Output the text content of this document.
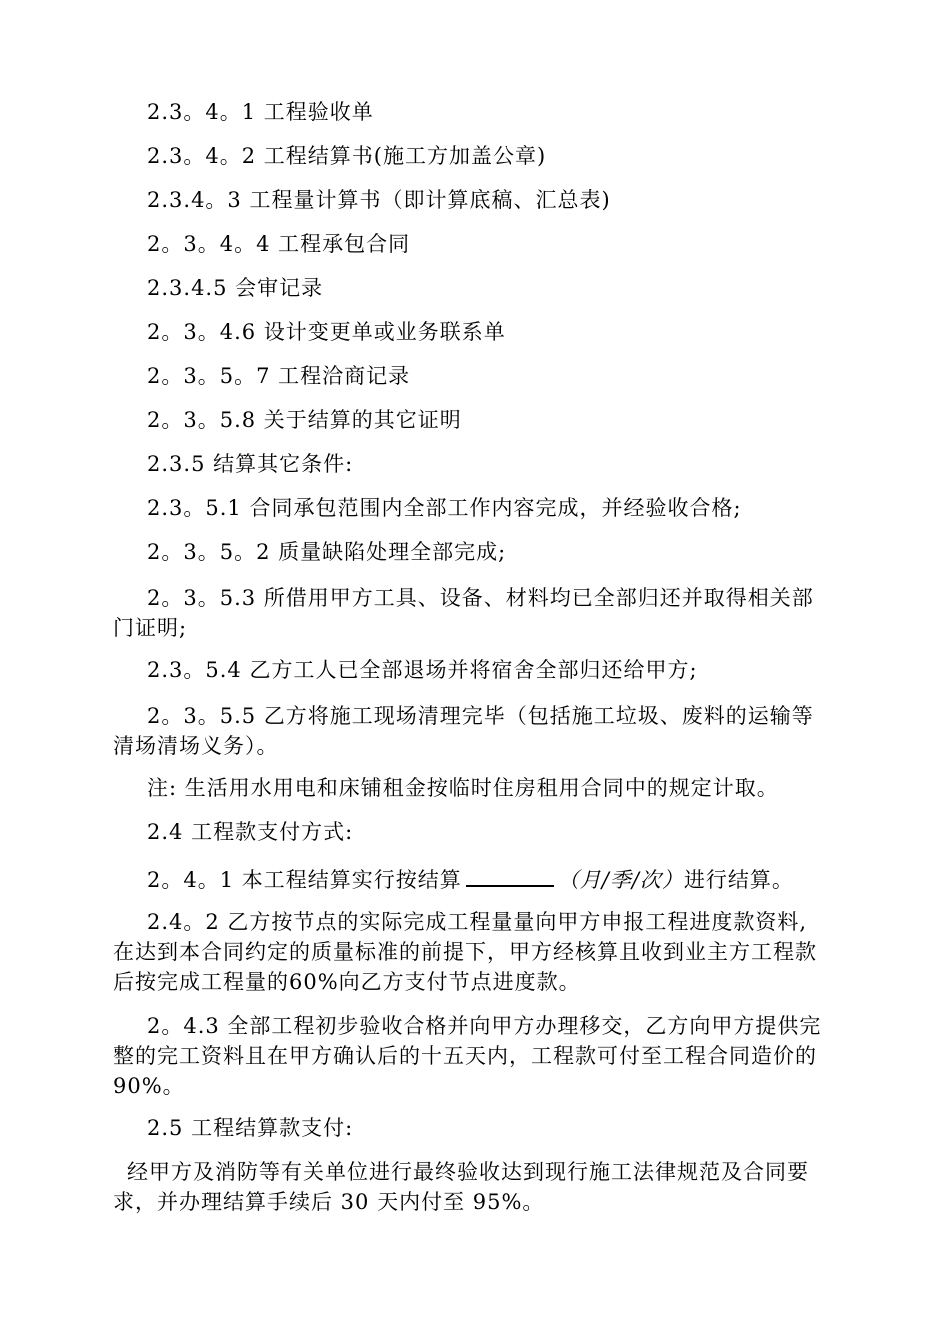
2.3。4。1 工程验收单
2.3。4。2 工程结算书(施工方加盖公章)
2.3.4。3 工程量计算书（即计算底稿、汇总表)
2。3。4。4 工程承包合同
2.3.4.5 会审记录
2。3。4.6 设计变更单或业务联系单
2。3。5。7 工程洽商记录
2。3。5.8 关于结算的其它证明
2.3.5 结算其它条件:
2.3。5.1 合同承包范围内全部工作内容完成，并经验收合格;
2。3。5。2 质量缺陷处理全部完成;
2。3。5.3 所借用甲方工具、设备、材料均已全部归还并取得相关部
门证明;
2.3。5.4 乙方工人已全部退场并将宿舍全部归还给甲方;
2。3。5.5 乙方将施工现场清理完毕（包括施工垃圾、废料的运输等
清场清场义务）。
注: 生活用水用电和床铺租金按临时住房租用合同中的规定计取。
2.4 工程款支付方式:
2。4。1 本工程结算实行按结算	（月/季/次）进行结算。
2.4。2 乙方按节点的实际完成工程量量向甲方申报工程进度款资料,
在达到本合同约定的质量标准的前提下，甲方经核算且收到业主方工程款
后按完成工程量的60%向乙方支付节点进度款。
2。4.3 全部工程初步验收合格并向甲方办理移交，乙方向甲方提供完
整的完工资料且在甲方确认后的十五天内，工程款可付至工程合同造价的
90%。
2.5 工程结算款支付:
经甲方及消防等有关单位进行最终验收达到现行施工法律规范及合同要
求，并办理结算手续后 30 天内付至 95%。
